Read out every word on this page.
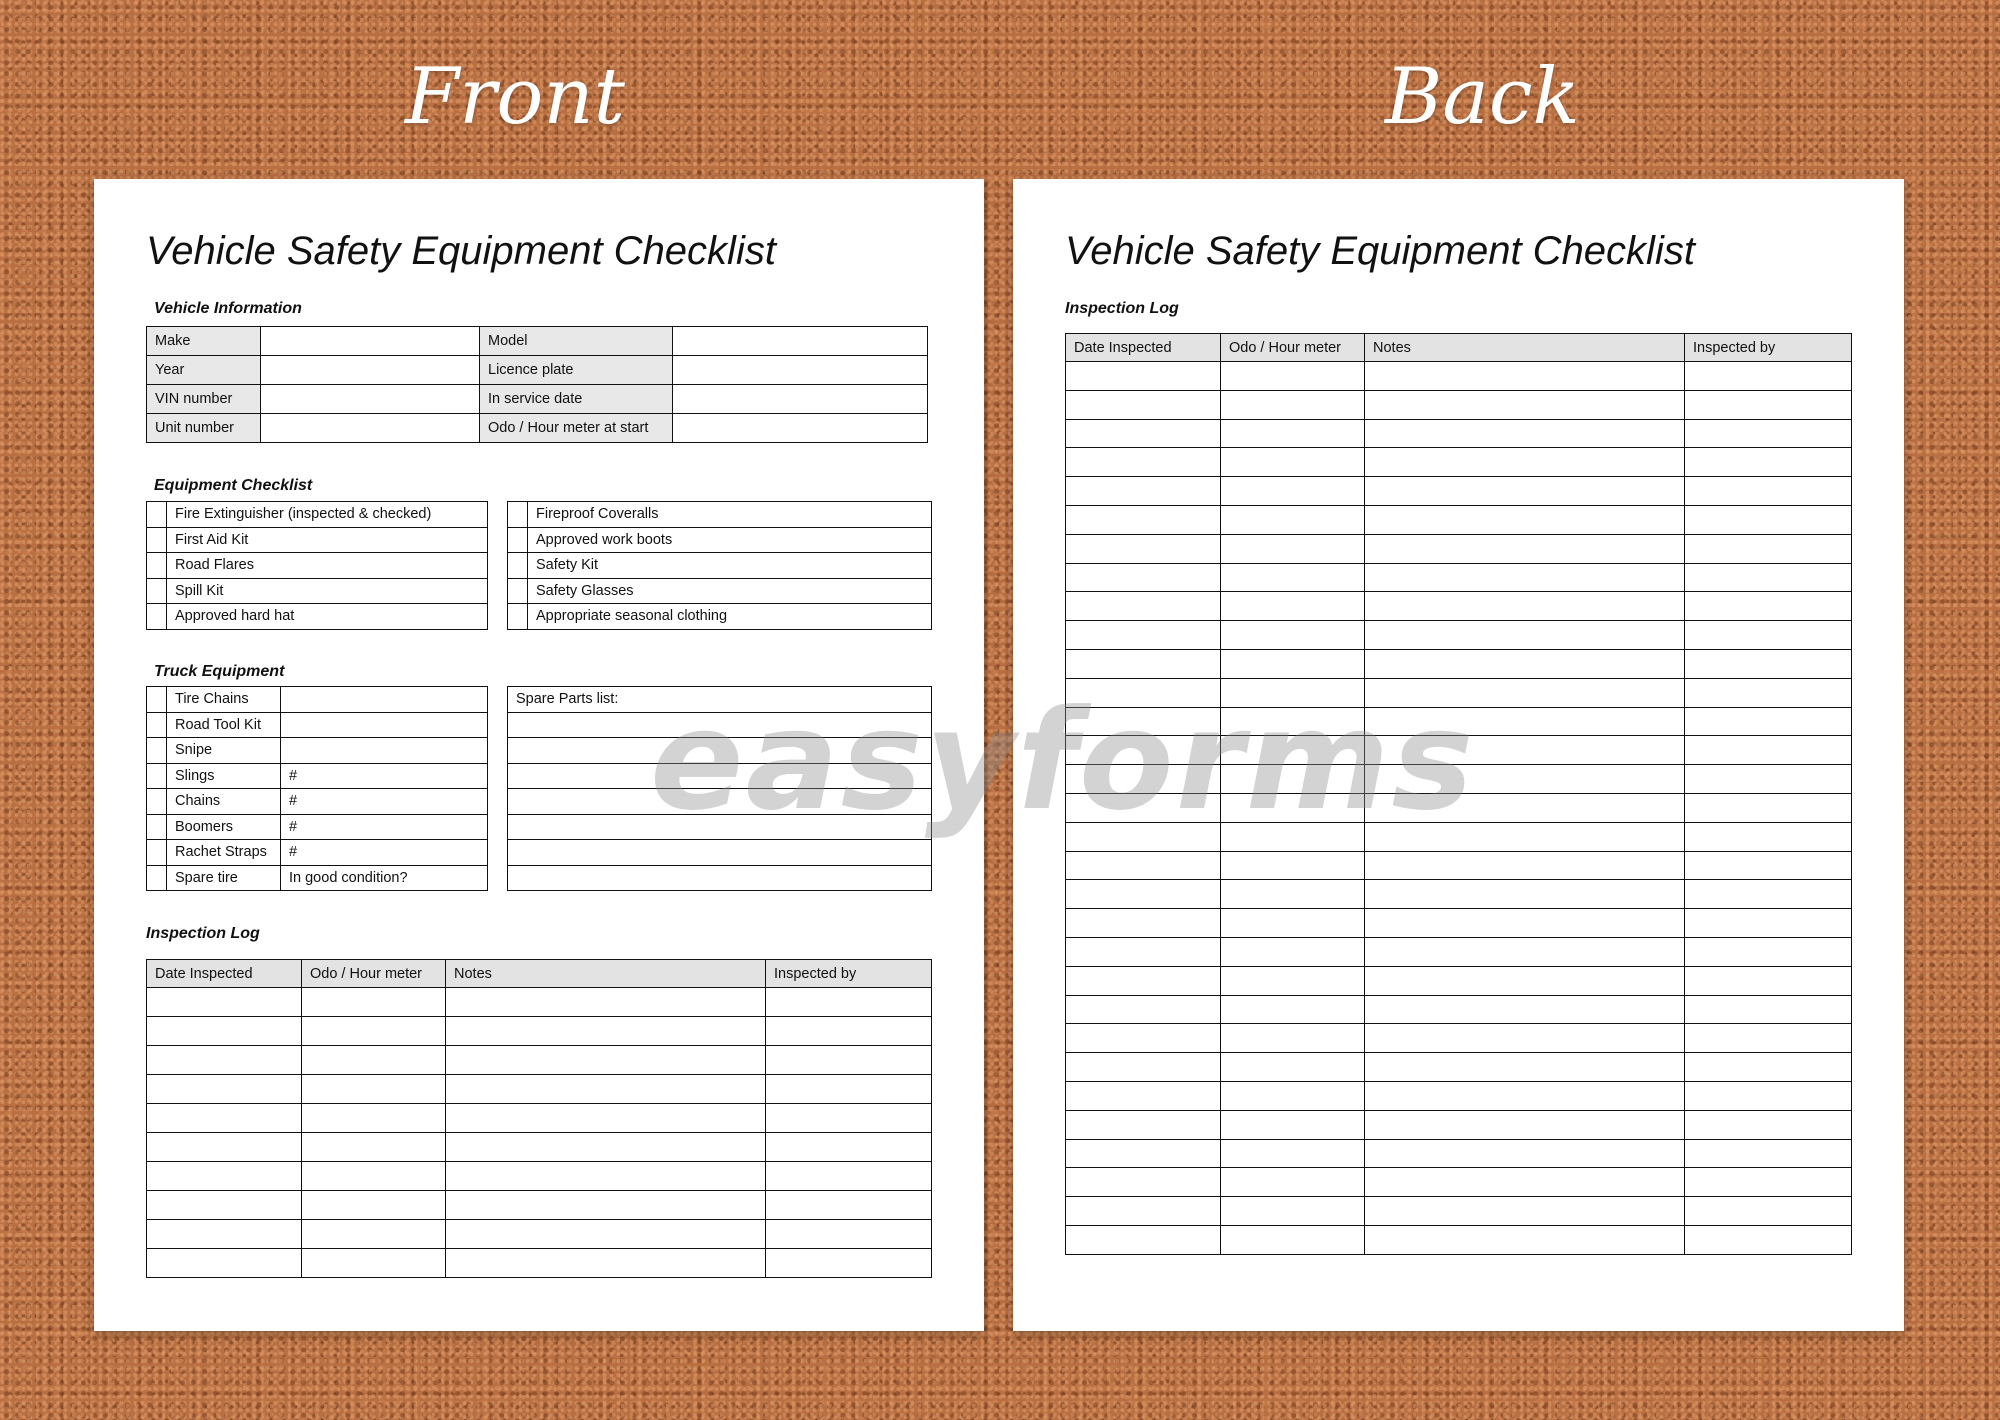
Front	Back
Vehicle Safety Equipment Checklist
Vehicle Information
Make		Model	
Year		Licence plate	
VIN number		In service date	
Unit number		Odo / Hour meter at start	
Equipment Checklist
	Fire Extinguisher (inspected & checked)
	First Aid Kit
	Road Flares
	Spill Kit
	Approved hard hat
	Fireproof Coveralls
	Approved work boots
	Safety Kit
	Safety Glasses
	Appropriate seasonal clothing
Truck Equipment
	Tire Chains	
	Road Tool Kit	
	Snipe	
	Slings	#
	Chains	#
	Boomers	#
	Rachet Straps	#
	Spare tire	In good condition?
Spare Parts list:

Inspection Log
Date Inspected	Odo / Hour meter	Notes	Inspected by

Vehicle Safety Equipment Checklist
Inspection Log
Date Inspected	Odo / Hour meter	Notes	Inspected by

easyforms
